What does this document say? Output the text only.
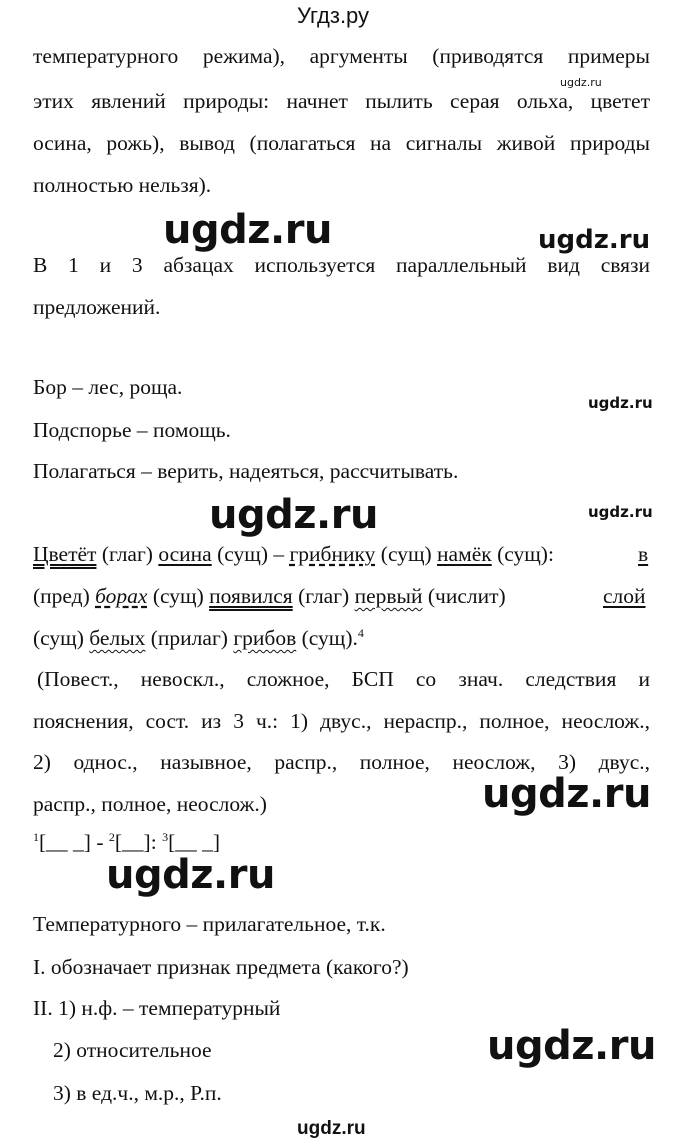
Угдз.ру
температурного режима), аргументы (приводятся примеры
ugdz.ru
этих явлений природы: начнет пылить серая ольха, цветет
осина, рожь), вывод (полагаться на сигналы живой природы
полностью нельзя).
ugdz.ru	ugdz.ru
В 1 и 3 абзацах используется параллельный вид связи
предложений.
Бор – лес, роща.
ugdz.ru
Подспорье – помощь.
Полагаться – верить, надеяться, рассчитывать.
ugdz.ru	ugdz.ru
Цветёт (глаг) осина (сущ) – грибнику (сущ) намёк (сущ):	в
(пред) борах (сущ) появился (глаг) первый (числит)	слой
(сущ) белых (прилаг) грибов (сущ).$^4$
(Повест., невоскл., сложное, БСП со знач. следствия и
пояснения, сост. из 3 ч.: 1) двус., нераспр., полное, неослож.,
2) однос., назывное, распр., полное, неослож, 3) двус.,
распр., полное, неослож.)	ugdz.ru
$^1$[__ _] - $^2$[__]: $^3$[__ _]
ugdz.ru
Температурного – прилагательное, т.к.
I. обозначает признак предмета (какого?)
II. 1) н.ф. – температурный
2) относительное	ugdz.ru
3) в ед.ч., м.р., Р.п.
ugdz.ru
